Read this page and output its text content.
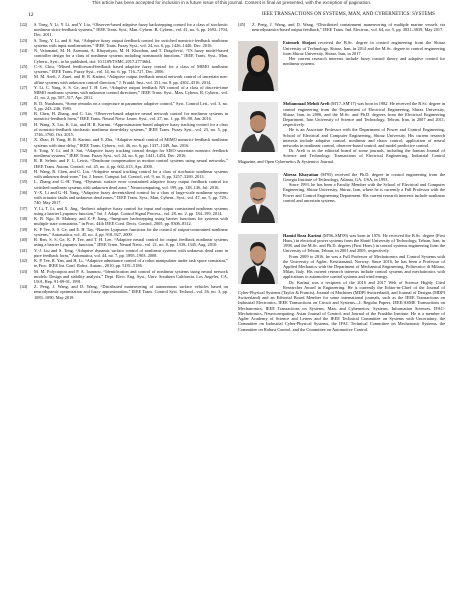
This article has been accepted for inclusion in a future issue of this journal. Content is final as presented, with the exception of pagination.
12	IEEE TRANSACTIONS ON SYSTEMS, MAN, AND CYBERNETICS: SYSTEMS
[22] S. Tong, Y. Li, Y. Li, and Y. Liu, “Observer-based adaptive fuzzy backstepping control for a class of stochastic nonlinear strict-feedback systems,” IEEE Trans. Syst., Man, Cybern. B, Cybern., vol. 41, no. 6, pp. 1693–1704, Dec. 2011.
[23] S. Tong, Y. Li, and S. Sui, “Adaptive fuzzy output feedback control for switched nonstrict-feedback nonlinear systems with input nonlinearities,” IEEE Trans. Fuzzy Syst., vol. 24, no. 6, pp. 1426–1440, Dec. 2016.
[24] N. Vafamand, M. H. Asemani, A. Khayatiyan, M. H. Khooban, and T. Dragičević, “TS fuzzy model-based controller design for a class of nonlinear systems including nonsmooth functions,” IEEE Trans. Syst., Man, Cybern., Syst., to be published, doi: 10.1109/TSMC.2017.2773664.
[25] C.-S. Chiu, “Mixed feedforward/feedback based adaptive fuzzy control for a class of MIMO nonlinear systems,” IEEE Trans. Fuzzy Syst., vol. 14, no. 6, pp. 716–727, Dec. 2006.
[26] M. M. Arefi, J. Zarei, and H. R. Karimi, “Adaptive output feedback neural network control of uncertain non-affine systems with unknown control direction,” J. Frankl. Inst., vol. 351, no. 8, pp. 4302–4316, 2014.
[27] Y. Li, C. Yang, S. S. Ge, and T. H. Lee, “Adaptive output feedback NN control of a class of discrete-time MIMO nonlinear systems with unknown control directions,” IEEE Trans. Syst., Man, Cybern. B, Cybern., vol. 41, no. 2, pp. 507–517, Apr. 2011.
[28] R. D. Nussbaum, “Some remarks on a conjecture in parameter adaptive control,” Syst. Control Lett., vol. 3, no. 5, pp. 243–246, 1983.
[29] B. Chen, H. Zhang, and C. Lin, “Observer-based adaptive neural network control for nonlinear systems in nonstrict-feedback form,” IEEE Trans. Neural Netw. Learn. Syst., vol. 27, no. 1, pp. 89–98, Jan. 2016.
[30] H. Wang, X. Liu, K. Liu, and H. R. Karimi, “Approximation-based adaptive fuzzy tracking control for a class of nonstrict-feedback stochastic nonlinear time-delay systems,” IEEE Trans. Fuzzy Syst., vol. 23, no. 5, pp. 1746–1760, Oct. 2015.
[31] X. Zhao, H. Yang, H. R. Karimi, and Y. Zhu, “Adaptive neural control of MIMO nonstrict-feedback nonlinear systems with time delay,” IEEE Trans. Cybern., vol. 46, no. 6, pp. 1337–1349, Jun. 2016.
[32] S. Tong, Y. Li, and S. Sui, “Adaptive fuzzy tracking control design for SISO uncertain nonstrict feedback nonlinear systems,” IEEE Trans. Fuzzy Syst., vol. 24, no. 6, pp. 1441–1454, Dec. 2016.
[33] R. R. Selmic and F. L. Lewis, “Deadzone compensation in motion control systems using neural networks,” IEEE Trans. Autom. Control, vol. 45, no. 4, pp. 602–613, Apr. 2000.
[34] H. Wang, B. Chen, and C. Lin, “Adaptive neural tracking control for a class of stochastic nonlinear systems with unknown dead-zone,” Int. J. Innov. Comput. Inf. Control, vol. 9, no. 8, pp. 3257–3269, 2013.
[35] L. Zhang and G.-H. Yang, “Dynamic surface error constrained adaptive fuzzy output feedback control for switched nonlinear systems with unknown dead zone,” Neurocomputing, vol. 199, pp. 128–136, Jul. 2016.
[36] Y.-X. Li and G.-H. Yang, “Adaptive fuzzy decentralized control for a class of large-scale nonlinear systems with actuator faults and unknown dead zones,” IEEE Trans. Syst., Man, Cybern., Syst., vol. 47, no. 5, pp. 729–740, May 2017.
[37] Y. Li, T. Li, and X. Jing, “Indirect adaptive fuzzy control for input and output constrained nonlinear systems using a barrier Lyapunov function,” Int. J. Adapt. Control Signal Process., vol. 28, no. 2, pp. 184–199, 2014.
[38] K. B. Ngo, R. Mahony, and Z.-P. Jiang, “Integrator backstepping using barrier functions for systems with multiple state constraints,” in Proc. 44th IEEE Conf. Decis. Control, 2005, pp. 8306–8312.
[39] K. P. Tee, S. S. Ge, and E. H. Tay, “Barrier Lyapunov functions for the control of output-constrained nonlinear systems,” Automatica, vol. 45, no. 4, pp. 918–927, 2009.
[40] B. Ren, S. S. Ge, K. P. Tee, and T. H. Lee, “Adaptive neural control for output feedback nonlinear systems using a barrier Lyapunov function,” IEEE Trans. Neural Netw., vol. 21, no. 8, pp. 1339–1345, Aug. 2010.
[41] Y.-J. Liu and S. Tong, “Adaptive dynamic surface control of nonlinear systems with unknown dead zone in pure feedback form,” Automatica, vol. 44, no. 7, pp. 1895–1903, 2008.
[42] K. P. Tee, R. Yan, and H. Li, “Adaptive admittance control of a robot manipulator under task space constraint,” in Proc. IEEE Int. Conf. Robot. Autom., 2010, pp. 5181–5186.
[43] M. M. Polycarpou and P. A. Ioannou, “Identification and control of nonlinear systems using neural network models: Design and stability analysis,” Dept. Elect. Eng. Syst., Univ. Southern California, Los Angeles, CA, USA, Rep. 91-09-01, 1991.
[44] Z. Peng, J. Wang, and D. Wang, “Distributed maneuvering of autonomous surface vehicles based on neurodynamic optimization and fuzzy approximation,” IEEE Trans. Control Syst. Technol., vol. 26, no. 3, pp. 1083–1090, May 2018.
[45] Z. Peng, J. Wang, and D. Wang, “Distributed containment maneuvering of multiple marine vessels via neurodynamics-based output feedback,” IEEE Trans. Ind. Electron., vol. 64, no. 5, pp. 3831–3839, May 2017.

Fatemeh Shojaei received the B.Sc. degree in control engineering from the Shiraz University of Technology, Shiraz, Iran, in 2014 and the M.Sc. degree in control engineering from Shiraz University, Shiraz, Iran, in 2017.

Her current research interests include fuzzy control theory and adaptive control for nonlinear systems.

Mohammad Mehdi Arefi (M'17–SM'17) was born in 1982. He received the B.Sc. degree in control engineering from the Department of Electrical Engineering, Shiraz University, Shiraz, Iran, in 2006, and the M.Sc. and Ph.D. degrees from the Electrical Engineering Department, Iran University of Science and Technology, Tehran, Iran, in 2007 and 2011, respectively.

He is an Associate Professor with the Department of Power and Control Engineering, School of Electrical and Computer Engineering, Shiraz University. His current research interests include adaptive control, nonlinear and chaos control, application of neural networks in nonlinear control, observer-based control, and model predictive control.

Dr. Arefi is in the editorial board of some journals, including the Iranian Journal of Science and Technology, Transactions of Electrical Engineering, Industrial Control Magazine, and Open Cybernetics & Systemics Journal.

Alireza Khayatian (M'93) received the Ph.D. degree in control engineering from the Georgia Institute of Technology, Atlanta, GA, USA, in 1993.

Since 1993, he has been a Faculty Member with the School of Electrical and Computer Engineering, Shiraz University, Shiraz, Iran, where he is currently a Full Professor with the Power and Control Engineering Department. His current research interests include nonlinear control and uncertain systems.

Hamid Reza Karimi (M'06–SM'09) was born in 1976. He received the B.Sc. degree (First Hons.) in electrical power systems from the Sharif University of Technology, Tehran, Iran, in 1998, and the M.Sc. and Ph.D. degrees (First Hons.) in control systems engineering from the University of Tehran, Tehran, in 2001 and 2005, respectively.

From 2009 to 2016, he was a Full Professor of Mechatronics and Control Systems with the University of Agder, Kristiansand, Norway. Since 2016, he has been a Professor of Applied Mechanics with the Department of Mechanical Engineering, Politecnico di Milano, Milan, Italy. His current research interests include control systems and mechatronics with applications to automotive control systems and wind energy.

Dr. Karimi was a recipient of the 2016 and 2017 Web of Science Highly Cited Researcher Award in Engineering. He is currently the Editor-in-Chief of the Journal of Cyber-Physical Systems (Taylor & Francis), Journal of Machines (MDPI Switzerland), and Journal of Designs (MDPI Switzerland) and an Editorial Board Member for some international journals, such as the IEEE Transactions on Industrial Electronics, IEEE Transactions on Circuit and Systems—I: Regular Papers, IEEE/ASME Transactions on Mechatronics, IEEE Transactions on Systems, Man, and Cybernetics: Systems, Information Sciences, IFAC-Mechatronics, Neurocomputing, Asian Journal of Control, and Journal of the Franklin Institute. He is a member of Agder Academy of Science and Letters and the IEEE Technical Committee on Systems with Uncertainty, the Committee on Industrial Cyber-Physical Systems, the IFAC Technical Committee on Mechatronic Systems, the Committee on Robust Control, and the Committee on Automotive Control.
